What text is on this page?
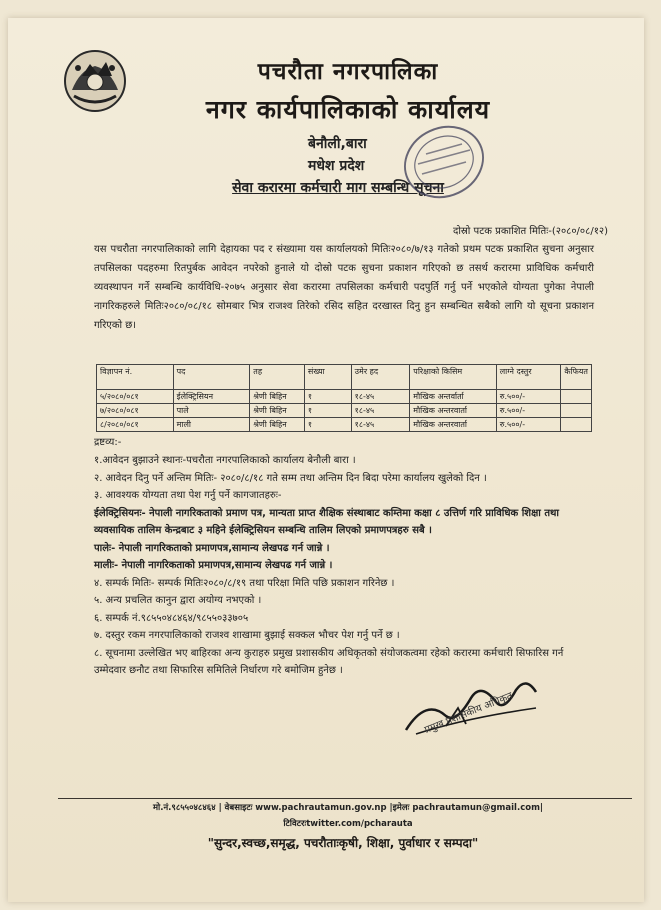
पचरौता नगरपालिका
नगर कार्यपालिकाको कार्यालय
बेनौली,बारा
मधेश प्रदेश
सेवा करारमा कर्मचारी माग सम्बन्धि सूचना
दोस्रो पटक प्रकाशित मितिः-(२०८०/०८/१२)
यस पचरौता नगरपालिकाको लागि देहायका पद र संख्यामा यस कार्यालयको मितिः२०८०/७/१३ गतेको प्रथम पटक प्रकाशित सुचना अनुसार तपसिलका पदहरुमा रितपुर्बक आवेदन नपरेको हुनाले यो दोस्रो पटक सुचना प्रकाशन गरिएको छ तसर्थ करारमा प्राविधिक कर्मचारी व्यवस्थापन गर्ने सम्बन्धि कार्यविधि-२०७५ अनुसार सेवा करारमा तपसिलका कर्मचारी पदपुर्ति गर्नु पर्ने भएकोले योग्यता पुगेका नेपाली नागरिकहरुले मितिः२०८०/०८/१८ सोमबार भित्र राजश्व तिरेको रसिद सहित दरखास्त दिनु हुन सम्बन्धित सबैको लागि यो सूचना प्रकाशन गरिएको छ।
विज्ञापन नं.	पद	तह	संख्या	उमेर हद	परिक्षाको किसिम	लाग्ने दस्तुर	कैफियत
५/२०८०/०८१	ईलेक्ट्रिसियन	श्रेणी बिहिन	१	१८-४५	मौखिक अन्तर्वार्ता	रु.५००/-	
७/२०८०/०८१	पाले	श्रेणी बिहिन	१	१८-४५	मौखिक अन्तरवार्ता	रु.५००/-	
८/२०८०/०८१	माली	श्रेणी बिहिन	१	१८-४५	मौखिक अन्तरवार्ता	रु.५००/-	
द्रष्टव्य:-
१.आवेदन बुझाउने स्थानः-पचरौता नगरपालिकाको कार्यालय बेनौली बारा ।
२. आवेदन दिनु पर्ने अन्तिम मितिः- २०८०/८/१८ गते सम्म तथा अन्तिम दिन बिदा परेमा कार्यालय खुलेको दिन ।
३. आवश्यक योग्यता तथा पेश गर्नु पर्ने कागजातहरुः-
ईलेक्ट्रिसियनः- नेपाली नागरिकताको प्रमाण पत्र, मान्यता प्राप्त शैक्षिक संस्थाबाट कम्तिमा कक्षा ८ उत्तिर्ण गरि प्राविधिक शिक्षा तथा व्यवसायिक तालिम केन्द्रबाट ३ महिने ईलेक्ट्रिसियन सम्बन्धि तालिम लिएको प्रमाणपत्रहरु सबै ।
पालेः- नेपाली नागरिकताको प्रमाणपत्र,सामान्य लेखपढ गर्न जान्ने ।
मालीः- नेपाली नागरिकताको प्रमाणपत्र,सामान्य लेखपढ गर्न जान्ने ।
४. सम्पर्क मितिः- सम्पर्क मितिः२०८०/८/१९ तथा परिक्षा मिति पछि प्रकाशन गरिनेछ ।
५. अन्य प्रचलित कानुन द्वारा अयोग्य नभएको ।
६. सम्पर्क नं.९८५५०४८४६४/९८५५०३३७०५
७. दस्तुर रकम नगरपालिकाको राजश्व शाखामा बुझाई सक्कल भौचर पेश गर्नु पर्ने छ ।
८. सूचनामा उल्लेखित भए बाहिरका अन्य कुराहरु प्रमुख प्रशासकीय अधिकृतको संयोजकत्वमा रहेको करारमा कर्मचारी सिफारिस गर्न उम्मेदवार छनौट तथा सिफारिस समितिले निर्धारण गरे बमोजिम हुनेछ ।
प्रमुख प्रशासकीय अधिकृत
मो.नं.९८५५०४८४६४ | वेबसाइटः www.pachrautamun.gov.np |इमेलः pachrautamun@gmail.com|
टिविटरःtwitter.com/pcharauta
"सुन्दर,स्वच्छ,समृद्ध, पचरौताःकृषी, शिक्षा, पुर्वाधार र सम्पदा"
